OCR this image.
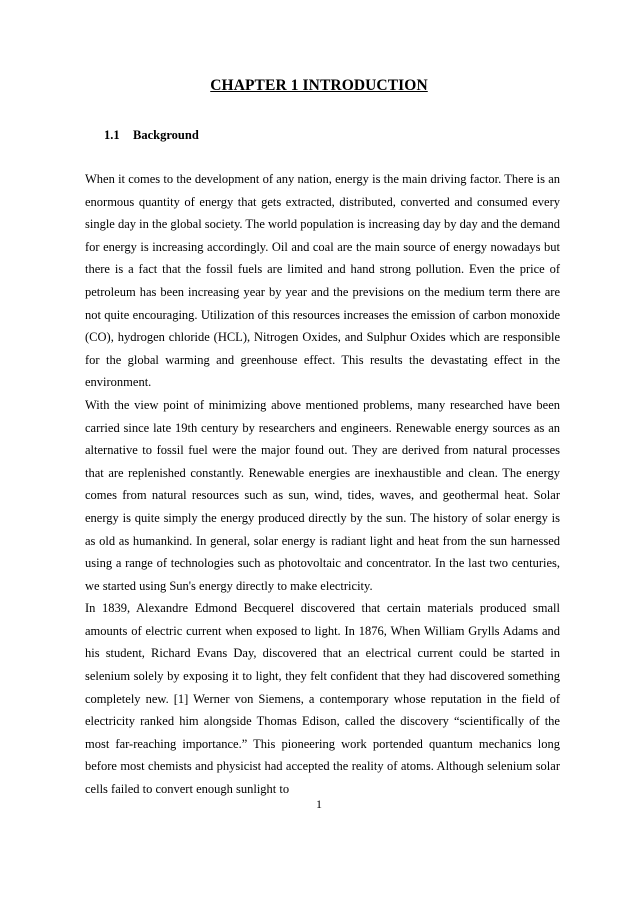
CHAPTER 1 INTRODUCTION
1.1 Background

When it comes to the development of any nation, energy is the main driving factor. There is an enormous quantity of energy that gets extracted, distributed, converted and consumed every single day in the global society. The world population is increasing day by day and the demand for energy is increasing accordingly. Oil and coal are the main source of energy nowadays but there is a fact that the fossil fuels are limited and hand strong pollution. Even the price of petroleum has been increasing year by year and the previsions on the medium term there are not quite encouraging. Utilization of this resources increases the emission of carbon monoxide (CO), hydrogen chloride (HCL), Nitrogen Oxides, and Sulphur Oxides which are responsible for the global warming and greenhouse effect. This results the devastating effect in the environment.

With the view point of minimizing above mentioned problems, many researched have been carried since late 19th century by researchers and engineers. Renewable energy sources as an alternative to fossil fuel were the major found out. They are derived from natural processes that are replenished constantly. Renewable energies are inexhaustible and clean. The energy comes from natural resources such as sun, wind, tides, waves, and geothermal heat. Solar energy is quite simply the energy produced directly by the sun. The history of solar energy is as old as humankind. In general, solar energy is radiant light and heat from the sun harnessed using a range of technologies such as photovoltaic and concentrator. In the last two centuries, we started using Sun's energy directly to make electricity.

In 1839, Alexandre Edmond Becquerel discovered that certain materials produced small amounts of electric current when exposed to light. In 1876, When William Grylls Adams and his student, Richard Evans Day, discovered that an electrical current could be started in selenium solely by exposing it to light, they felt confident that they had discovered something completely new. [1] Werner von Siemens, a contemporary whose reputation in the field of electricity ranked him alongside Thomas Edison, called the discovery “scientifically of the most far-reaching importance.” This pioneering work portended quantum mechanics long before most chemists and physicist had accepted the reality of atoms. Although selenium solar cells failed to convert enough sunlight to

1
